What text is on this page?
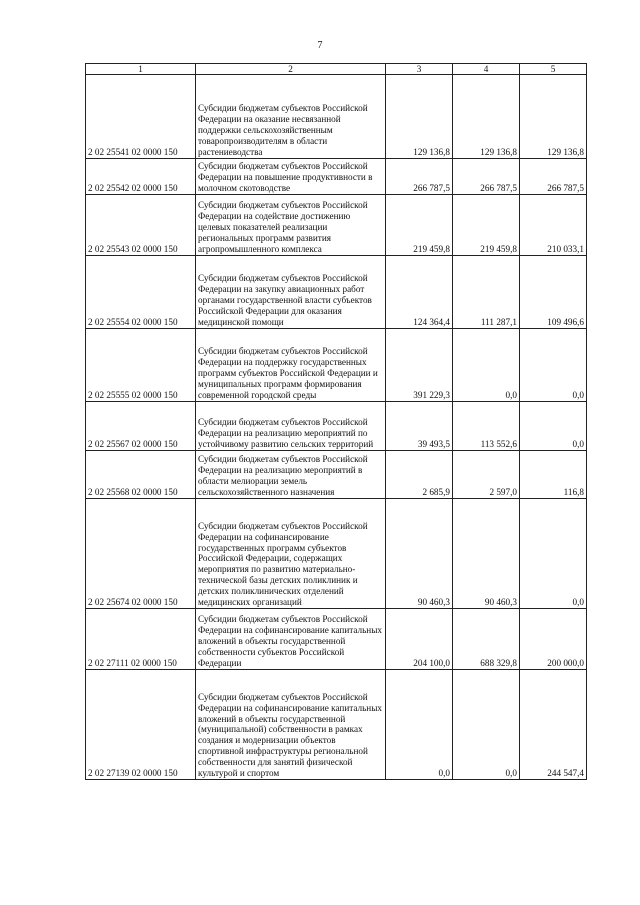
7
1	2	3	4	5
2 02 25541 02 0000 150	Субсидии бюджетам субъектов Российской Федерации на оказание несвязанной поддержки сельскохозяйственным товаропроизводителям в области растениеводства	129 136,8	129 136,8	129 136,8
2 02 25542 02 0000 150	Субсидии бюджетам субъектов Российской Федерации на повышение продуктивности в молочном скотоводстве	266 787,5	266 787,5	266 787,5
2 02 25543 02 0000 150	Субсидии бюджетам субъектов Российской Федерации на содействие достижению целевых показателей реализации региональных программ развития агропромышленного комплекса	219 459,8	219 459,8	210 033,1
2 02 25554 02 0000 150	Субсидии бюджетам субъектов Российской Федерации на закупку авиационных работ органами государственной власти субъектов Российской Федерации для оказания медицинской помощи	124 364,4	111 287,1	109 496,6
2 02 25555 02 0000 150	Субсидии бюджетам субъектов Российской Федерации на поддержку государственных программ субъектов Российской Федерации и муниципальных программ формирования современной городской среды	391 229,3	0,0	0,0
2 02 25567 02 0000 150	Субсидии бюджетам субъектов Российской Федерации на реализацию мероприятий по устойчивому развитию сельских территорий	39 493,5	113 552,6	0,0
2 02 25568 02 0000 150	Субсидии бюджетам субъектов Российской Федерации на реализацию мероприятий в области мелиорации земель сельскохозяйственного назначения	2 685,9	2 597,0	116,8
2 02 25674 02 0000 150	Субсидии бюджетам субъектов Российской Федерации на софинансирование государственных программ субъектов Российской Федерации, содержащих мероприятия по развитию материально-технической базы детских поликлиник и детских поликлинических отделений медицинских организаций	90 460,3	90 460,3	0,0
2 02 27111 02 0000 150	Субсидии бюджетам субъектов Российской Федерации на софинансирование капитальных вложений в объекты государственной собственности субъектов Российской Федерации	204 100,0	688 329,8	200 000,0
2 02 27139 02 0000 150	Субсидии бюджетам субъектов Российской Федерации на софинансирование капитальных вложений в объекты государственной (муниципальной) собственности в рамках создания и модернизации объектов спортивной инфраструктуры региональной собственности для занятий физической культурой и спортом	0,0	0,0	244 547,4
